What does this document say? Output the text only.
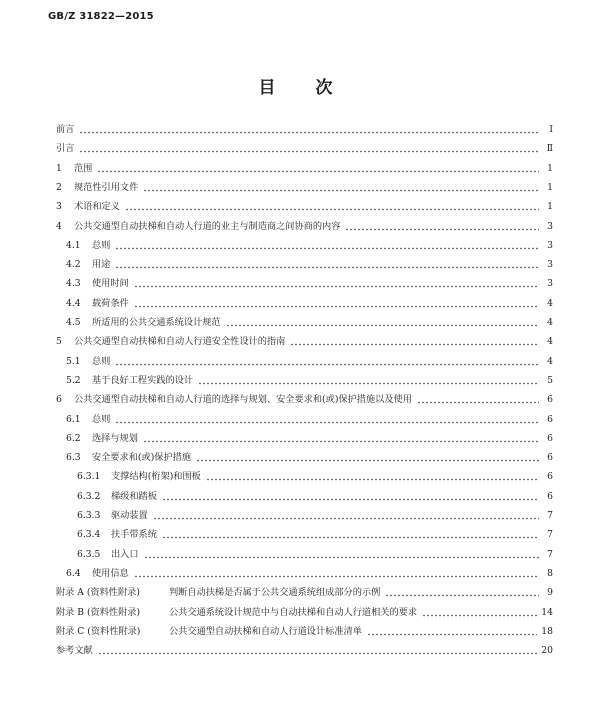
GB/Z 31822—2015
目 次
前言	Ⅰ
引言	Ⅱ
1	范围	1
2	规范性引用文件	1
3	术语和定义	1
4	公共交通型自动扶梯和自动人行道的业主与制造商之间协商的内容	3
4.1	总则	3
4.2	用途	3
4.3	使用时间	3
4.4	载荷条件	4
4.5	所适用的公共交通系统设计规范	4
5	公共交通型自动扶梯和自动人行道安全性设计的指南	4
5.1	总则	4
5.2	基于良好工程实践的设计	5
6	公共交通型自动扶梯和自动人行道的选择与规划、安全要求和(或)保护措施以及使用	6
6.1	总则	6
6.2	选择与规划	6
6.3	安全要求和(或)保护措施	6
6.3.1	支撑结构(桁架)和围板	6
6.3.2	梯级和踏板	6
6.3.3	驱动装置	7
6.3.4	扶手带系统	7
6.3.5	出入口	7
6.4	使用信息	8
附录 A (资料性附录)	判断自动扶梯是否属于公共交通系统组成部分的示例	9
附录 B (资料性附录)	公共交通系统设计规范中与自动扶梯和自动人行道相关的要求	14
附录 C (资料性附录)	公共交通型自动扶梯和自动人行道设计标准清单	18
参考文献	20
